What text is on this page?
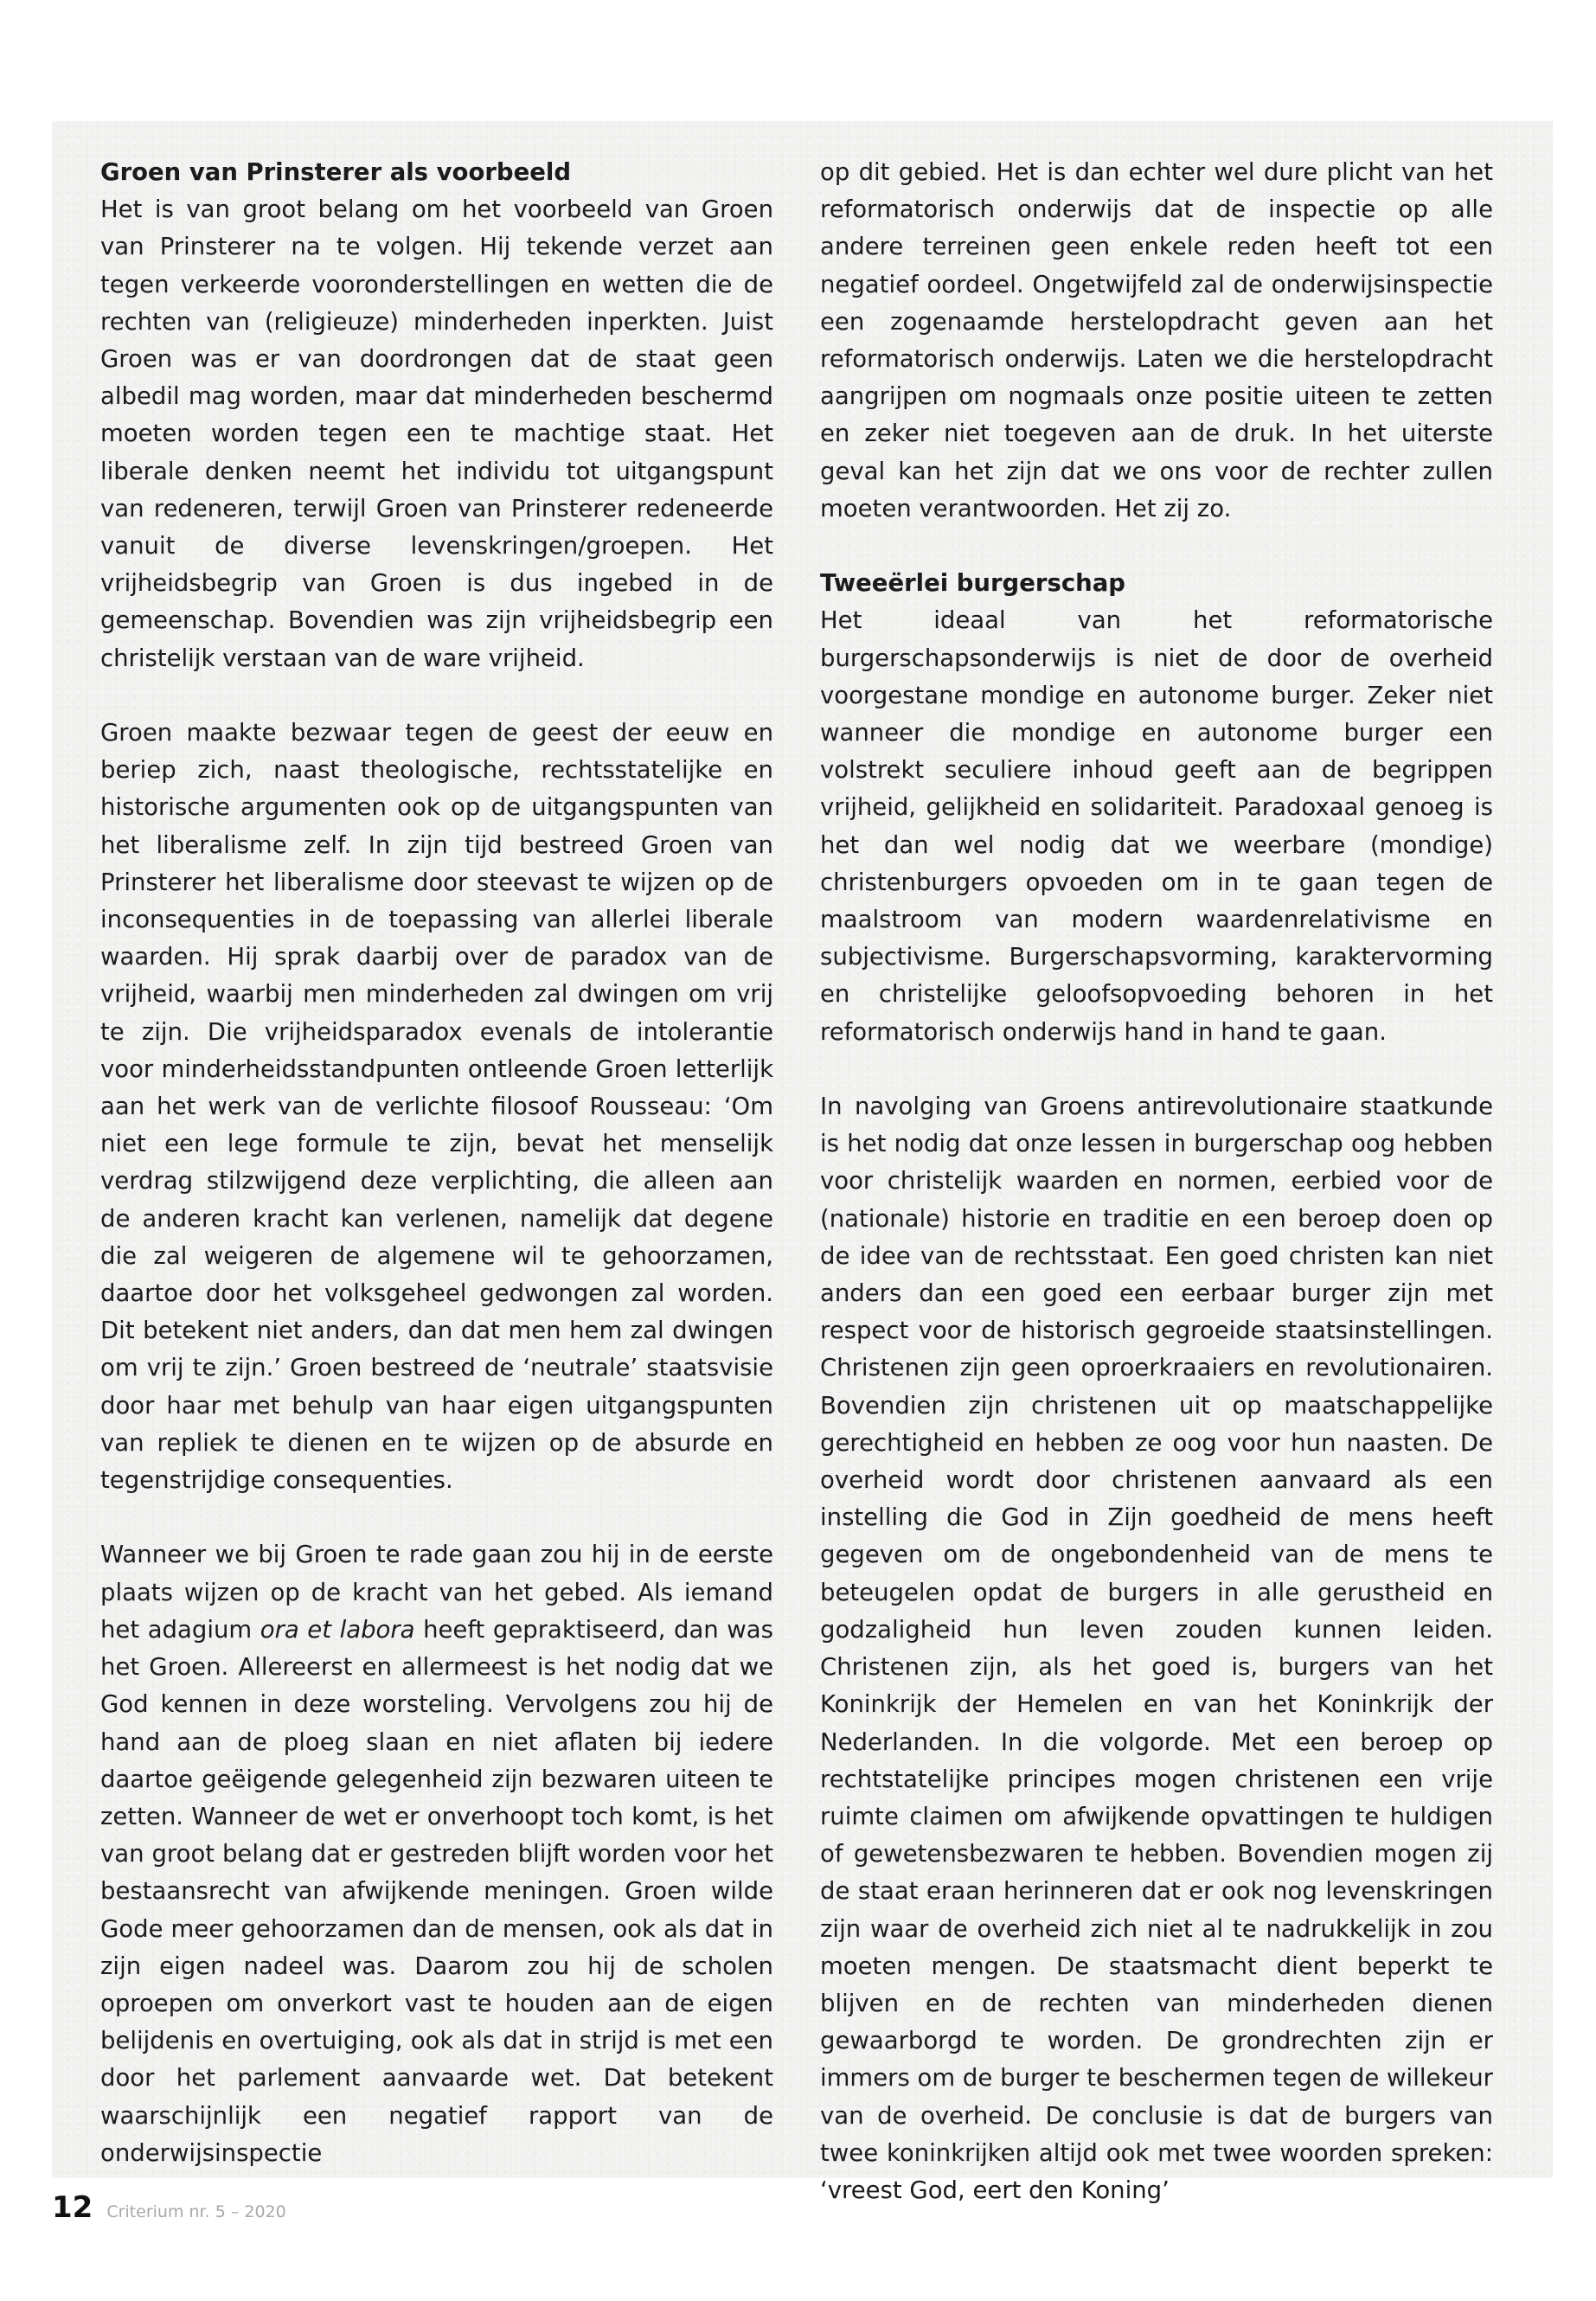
Groen van Prinsterer als voorbeeld

Het is van groot belang om het voorbeeld van Groen van Prinsterer na te volgen. Hij tekende verzet aan tegen verkeerde vooronderstellingen en wetten die de rechten van (religieuze) minderheden inperkten. Juist Groen was er van doordrongen dat de staat geen albedil mag worden, maar dat minderheden beschermd moeten worden tegen een te machtige staat. Het liberale denken neemt het individu tot uitgangspunt van redeneren, terwijl Groen van Prinsterer redeneerde vanuit de diverse levenskringen/groepen. Het vrijheidsbegrip van Groen is dus ingebed in de gemeenschap. Bovendien was zijn vrijheidsbegrip een christelijk verstaan van de ware vrijheid.

Groen maakte bezwaar tegen de geest der eeuw en beriep zich, naast theologische, rechtsstatelijke en historische argumenten ook op de uitgangspunten van het liberalisme zelf. In zijn tijd bestreed Groen van Prinsterer het liberalisme door steevast te wijzen op de inconsequenties in de toepassing van allerlei liberale waarden. Hij sprak daarbij over de paradox van de vrijheid, waarbij men minderheden zal dwingen om vrij te zijn. Die vrijheidsparadox evenals de intolerantie voor minderheidsstandpunten ontleende Groen letterlijk aan het werk van de verlichte filosoof Rousseau: ‘Om niet een lege formule te zijn, bevat het menselijk verdrag stilzwijgend deze verplichting, die alleen aan de anderen kracht kan verlenen, namelijk dat degene die zal weigeren de algemene wil te gehoorzamen, daartoe door het volksgeheel gedwongen zal worden. Dit betekent niet anders, dan dat men hem zal dwingen om vrij te zijn.’ Groen bestreed de ‘neutrale’ staatsvisie door haar met behulp van haar eigen uitgangspunten van repliek te dienen en te wijzen op de absurde en tegenstrijdige consequenties.

Wanneer we bij Groen te rade gaan zou hij in de eerste plaats wijzen op de kracht van het gebed. Als iemand het adagium ora et labora heeft gepraktiseerd, dan was het Groen. Allereerst en allermeest is het nodig dat we God kennen in deze worsteling. Vervolgens zou hij de hand aan de ploeg slaan en niet aflaten bij iedere daartoe geëigende gelegenheid zijn bezwaren uiteen te zetten. Wanneer de wet er onverhoopt toch komt, is het van groot belang dat er gestreden blijft worden voor het bestaansrecht van afwijkende meningen. Groen wilde Gode meer gehoorzamen dan de mensen, ook als dat in zijn eigen nadeel was. Daarom zou hij de scholen oproepen om onverkort vast te houden aan de eigen belijdenis en overtuiging, ook als dat in strijd is met een door het parlement aanvaarde wet. Dat betekent waarschijnlijk een negatief rapport van de onderwijsinspectie

op dit gebied. Het is dan echter wel dure plicht van het reformatorisch onderwijs dat de inspectie op alle andere terreinen geen enkele reden heeft tot een negatief oordeel. Ongetwijfeld zal de onderwijsinspectie een zogenaamde herstelopdracht geven aan het reformatorisch onderwijs. Laten we die herstelopdracht aangrijpen om nogmaals onze positie uiteen te zetten en zeker niet toegeven aan de druk. In het uiterste geval kan het zijn dat we ons voor de rechter zullen moeten verantwoorden. Het zij zo.

Tweeërlei burgerschap

Het ideaal van het reformatorische burgerschapsonderwijs is niet de door de overheid voorgestane mondige en autonome burger. Zeker niet wanneer die mondige en autonome burger een volstrekt seculiere inhoud geeft aan de begrippen vrijheid, gelijkheid en solidariteit. Paradoxaal genoeg is het dan wel nodig dat we weerbare (mondige) christenburgers opvoeden om in te gaan tegen de maalstroom van modern waardenrelativisme en subjectivisme. Burgerschapsvorming, karaktervorming en christelijke geloofsopvoeding behoren in het reformatorisch onderwijs hand in hand te gaan.

In navolging van Groens antirevolutionaire staatkunde is het nodig dat onze lessen in burgerschap oog hebben voor christelijk waarden en normen, eerbied voor de (nationale) historie en traditie en een beroep doen op de idee van de rechtsstaat. Een goed christen kan niet anders dan een goed een eerbaar burger zijn met respect voor de historisch gegroeide staatsinstellingen. Christenen zijn geen oproerkraaiers en revolutionairen. Bovendien zijn christenen uit op maatschappelijke gerechtigheid en hebben ze oog voor hun naasten. De overheid wordt door christenen aanvaard als een instelling die God in Zijn goedheid de mens heeft gegeven om de ongebondenheid van de mens te beteugelen opdat de burgers in alle gerustheid en godzaligheid hun leven zouden kunnen leiden. Christenen zijn, als het goed is, burgers van het Koninkrijk der Hemelen en van het Koninkrijk der Nederlanden. In die volgorde. Met een beroep op rechtstatelijke principes mogen christenen een vrije ruimte claimen om afwijkende opvattingen te huldigen of gewetensbezwaren te hebben. Bovendien mogen zij de staat eraan herinneren dat er ook nog levenskringen zijn waar de overheid zich niet al te nadrukkelijk in zou moeten mengen. De staatsmacht dient beperkt te blijven en de rechten van minderheden dienen gewaarborgd te worden. De grondrechten zijn er immers om de burger te beschermen tegen de willekeur van de overheid. De conclusie is dat de burgers van twee koninkrijken altijd ook met twee woorden spreken: ‘vreest God, eert den Koning’

12 Criterium nr. 5 – 2020
